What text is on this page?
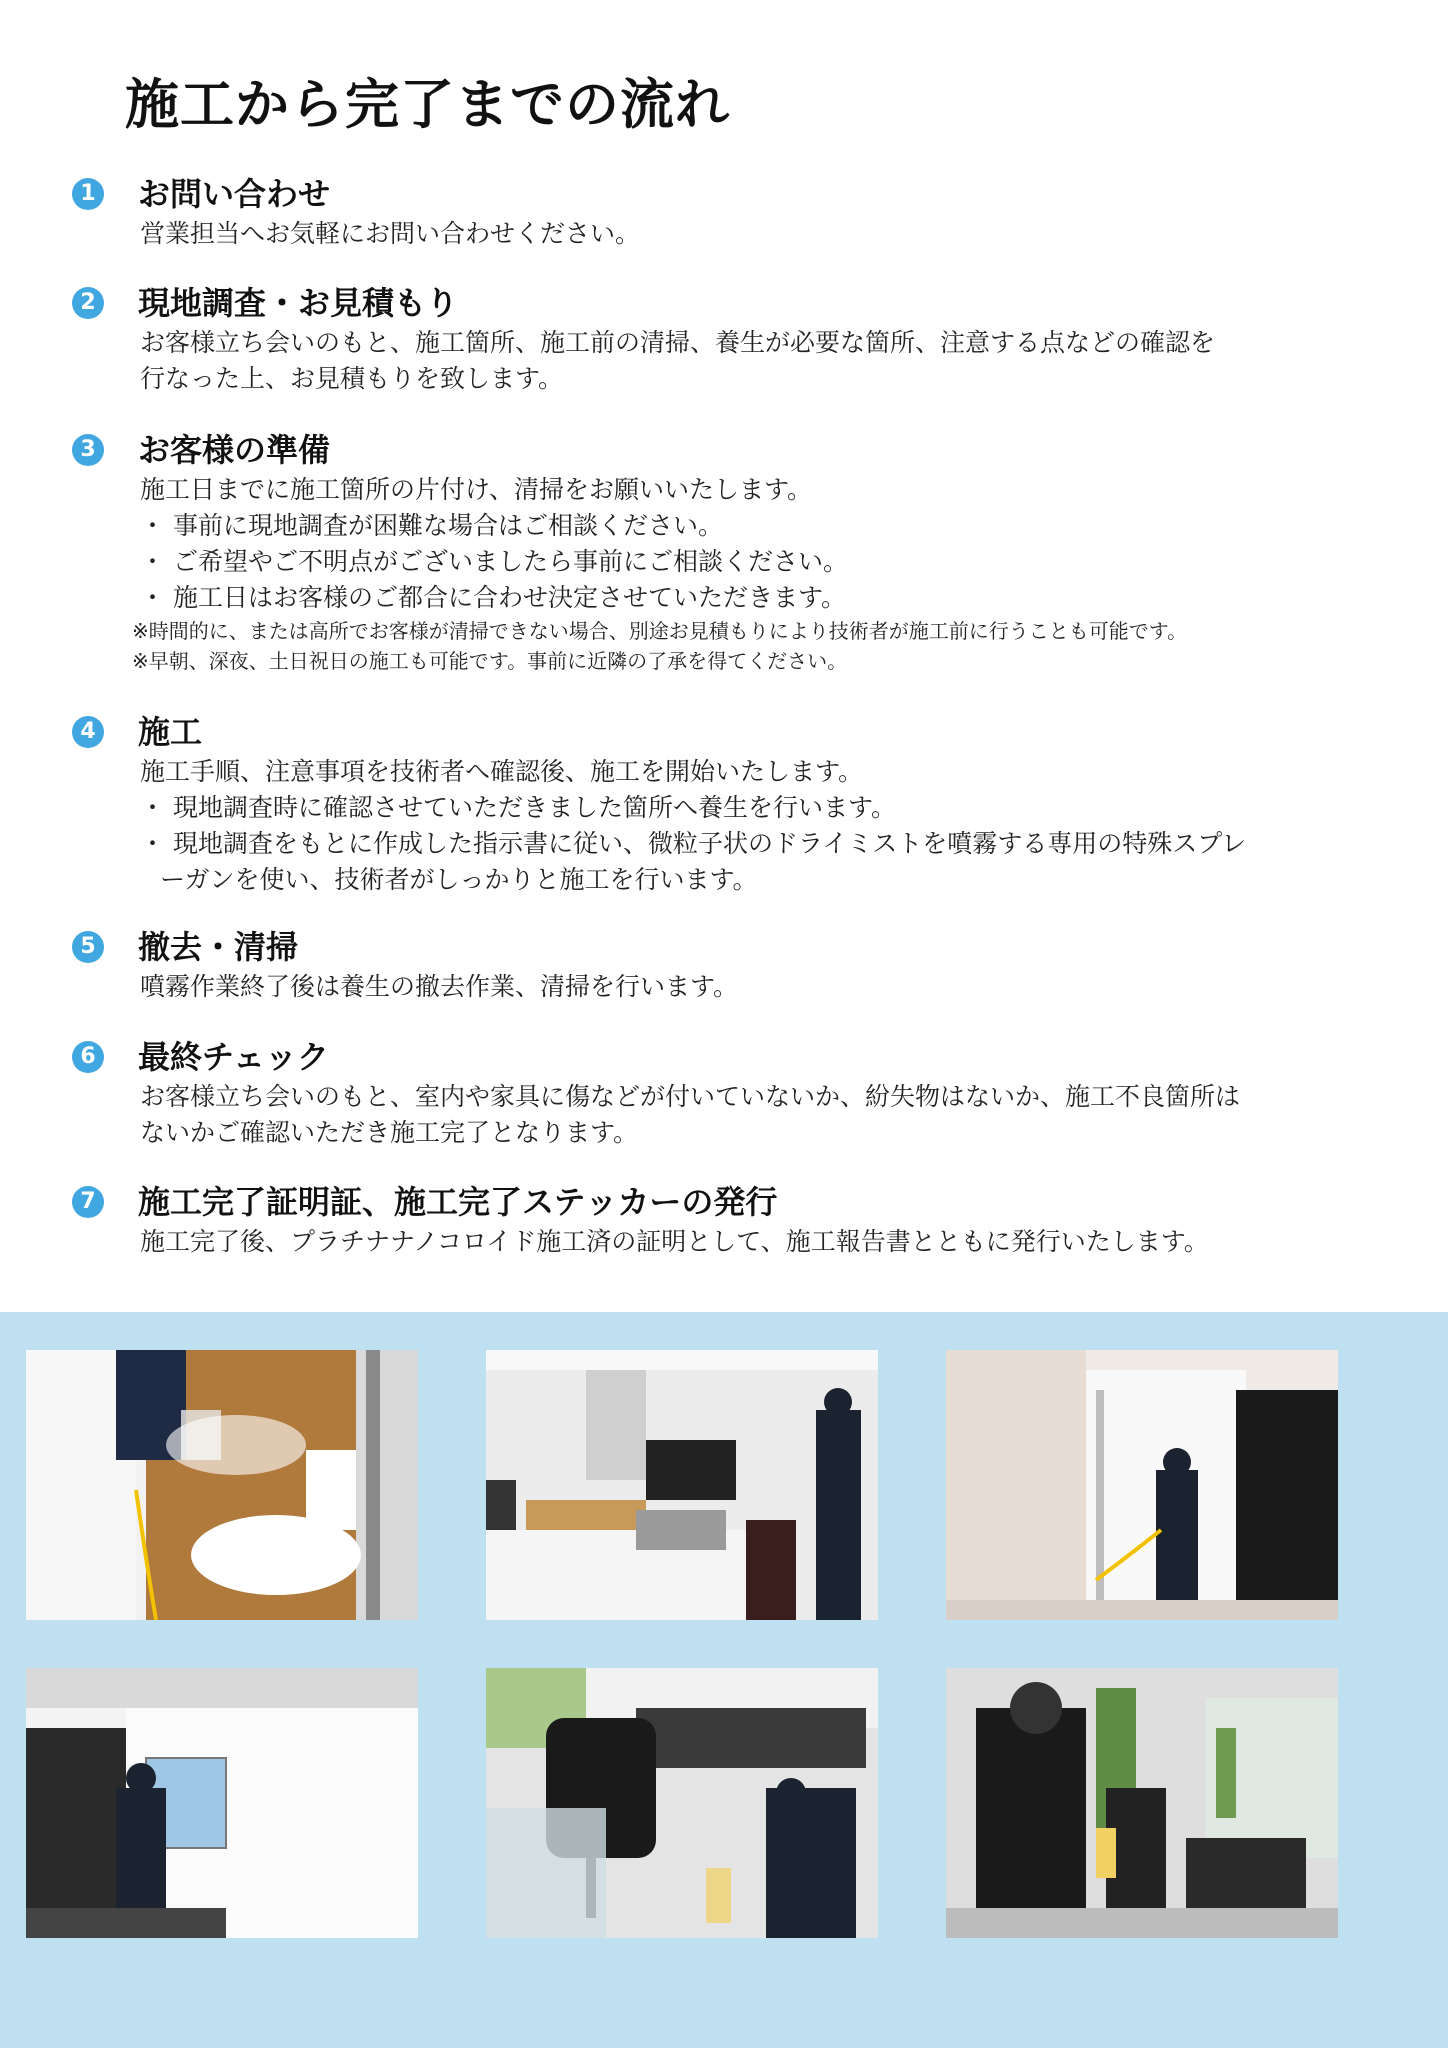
施工から完了までの流れ
1 お問い合わせ
営業担当へお気軽にお問い合わせください。
2 現地調査・お見積もり
お客様立ち会いのもと、施工箇所、施工前の清掃、養生が必要な箇所、注意する点などの確認を
行なった上、お見積もりを致します。
3 お客様の準備
施工日までに施工箇所の片付け、清掃をお願いいたします。
・ 事前に現地調査が困難な場合はご相談ください。
・ ご希望やご不明点がございましたら事前にご相談ください。
・ 施工日はお客様のご都合に合わせ決定させていただきます。
※時間的に、または高所でお客様が清掃できない場合、別途お見積もりにより技術者が施工前に行うことも可能です。
※早朝、深夜、土日祝日の施工も可能です。事前に近隣の了承を得てください。
4 施工
施工手順、注意事項を技術者へ確認後、施工を開始いたします。
・ 現地調査時に確認させていただきました箇所へ養生を行います。
・ 現地調査をもとに作成した指示書に従い、微粒子状のドライミストを噴霧する専用の特殊スプレ
ーガンを使い、技術者がしっかりと施工を行います。
5 撤去・清掃
噴霧作業終了後は養生の撤去作業、清掃を行います。
6 最終チェック
お客様立ち会いのもと、室内や家具に傷などが付いていないか、紛失物はないか、施工不良箇所は
ないかご確認いただき施工完了となります。
7 施工完了証明証、施工完了ステッカーの発行
施工完了後、プラチナナノコロイド施工済の証明として、施工報告書とともに発行いたします。
